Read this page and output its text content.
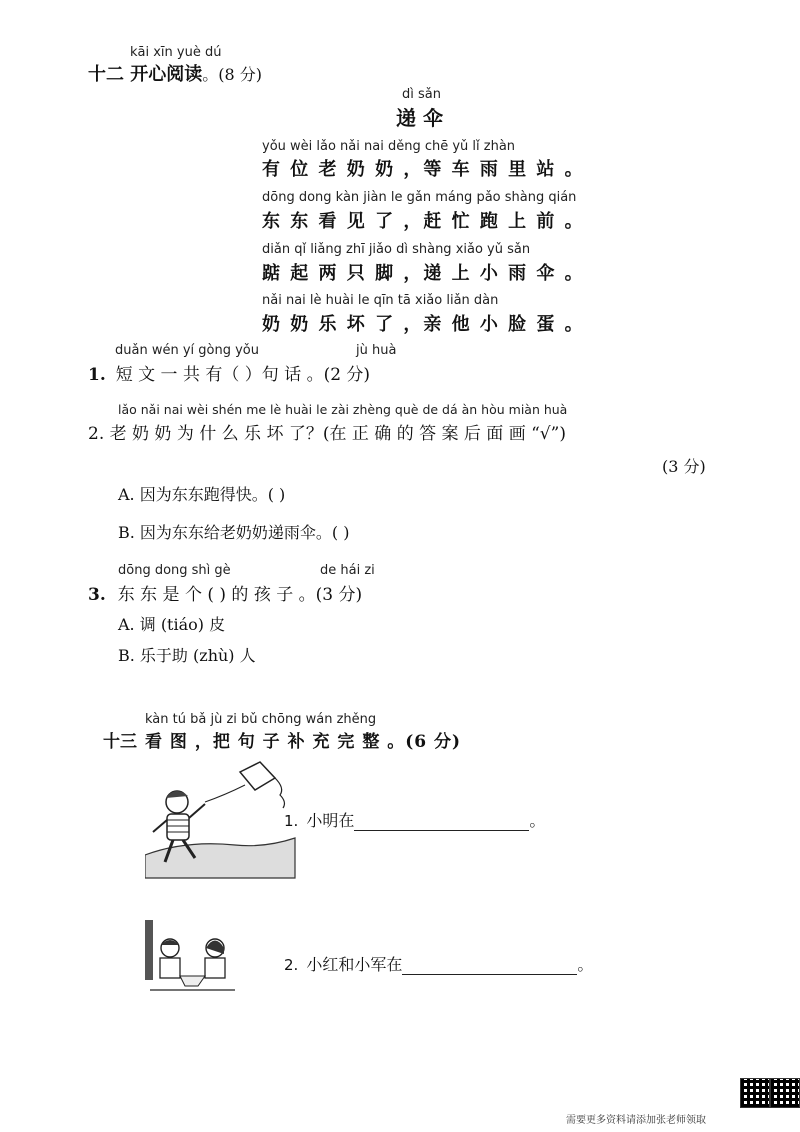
kāi xīn yuè dú
十二 开心阅读。(8 分)
dì sǎn
递 伞
yǒu wèi lǎo nǎi nai děng chē yǔ lǐ zhàn
有 位 老 奶 奶 ，等 车 雨 里 站 。
dōng dong kàn jiàn le gǎn máng pǎo shàng qián
东 东 看 见 了 ，赶 忙 跑 上 前 。
diǎn qǐ liǎng zhī jiǎo dì shàng xiǎo yǔ sǎn
踮 起 两 只 脚 ，递 上 小 雨 伞 。
nǎi nai lè huài le qīn tā xiǎo liǎn dàn
奶 奶 乐 坏 了 ，亲 他 小 脸 蛋 。
duǎn wén yí gòng yǒu	jù huà
1. 短 文 一 共 有（ ）句 话 。(2 分)
lǎo nǎi nai wèi shén me lè huài le zài zhèng què de dá àn hòu miàn huà
2. 老 奶 奶 为 什 么 乐 坏 了？(在 正 确 的 答 案 后 面 画 “√”)
(3 分)
A. 因为东东跑得快。( )
B. 因为东东给老奶奶递雨伞。( )
dōng dong shì gè	de hái zi
3. 东 东 是 个 ( ) 的 孩 子 。(3 分)
A. 调 (tiáo) 皮
B. 乐于助 (zhù) 人
kàn tú bǎ jù zi bǔ chōng wán zhěng
十三 看 图 ，把 句 子 补 充 完 整 。(6 分)
1. 小明在	。
2. 小红和小军在	。
需要更多资料请添加张老师领取
